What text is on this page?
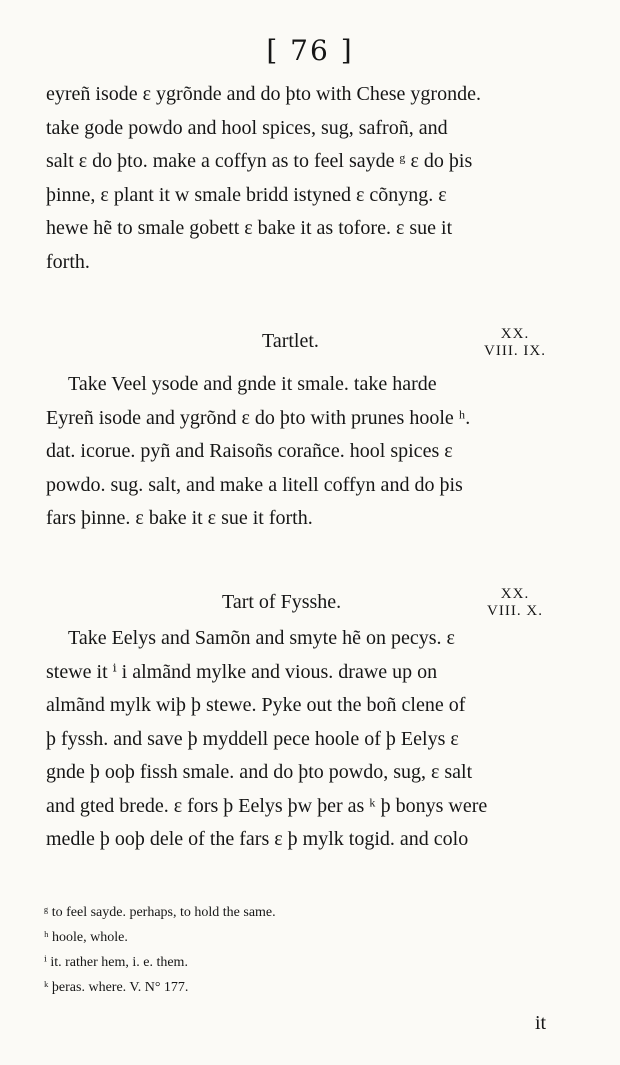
[ 76 ]
eyreñ isode ɛ ygrõnde and do þto with Chese ygronde.
take gode powdo and hool spices, sug, safroñ, and
salt ɛ do þto. make a coffyn as to feel sayde ᵍ ɛ do þis
þinne, ɛ plant it w smale bridd istyned ɛ cõnyng. ɛ
hewe hẽ to smale gobett ɛ bake it as tofore. ɛ sue it
forth.
Tartlet.	XX.
VIII. IX.
Take Veel ysode and gnde it smale. take harde
Eyreñ isode and ygrõnd ɛ do þto with prunes hoole ʰ.
dat. icorue. pyñ and Raisoñs corañce. hool spices ɛ
powdo. sug. salt, and make a litell coffyn and do þis
fars þinne. ɛ bake it ɛ sue it forth.
Tart of Fysshe.	XX.
VIII. X.
Take Eelys and Samõn and smyte hẽ on pecys. ɛ
stewe it ⁱ i almãnd mylke and vious. drawe up on
almãnd mylk wiþ þ stewe. Pyke out the boñ clene of
þ fyssh. and save þ myddell pece hoole of þ Eelys ɛ
gnde þ ooþ fissh smale. and do þto powdo, sug, ɛ salt
and gted brede. ɛ fors þ Eelys þw þer as ᵏ þ bonys were
medle þ ooþ dele of the fars ɛ þ mylk togid. and colo
ᵍ to feel sayde. perhaps, to hold the same.
ʰ hoole, whole.
ⁱ it. rather hem, i. e. them.
ᵏ þeras. where. V. N° 177.
it
